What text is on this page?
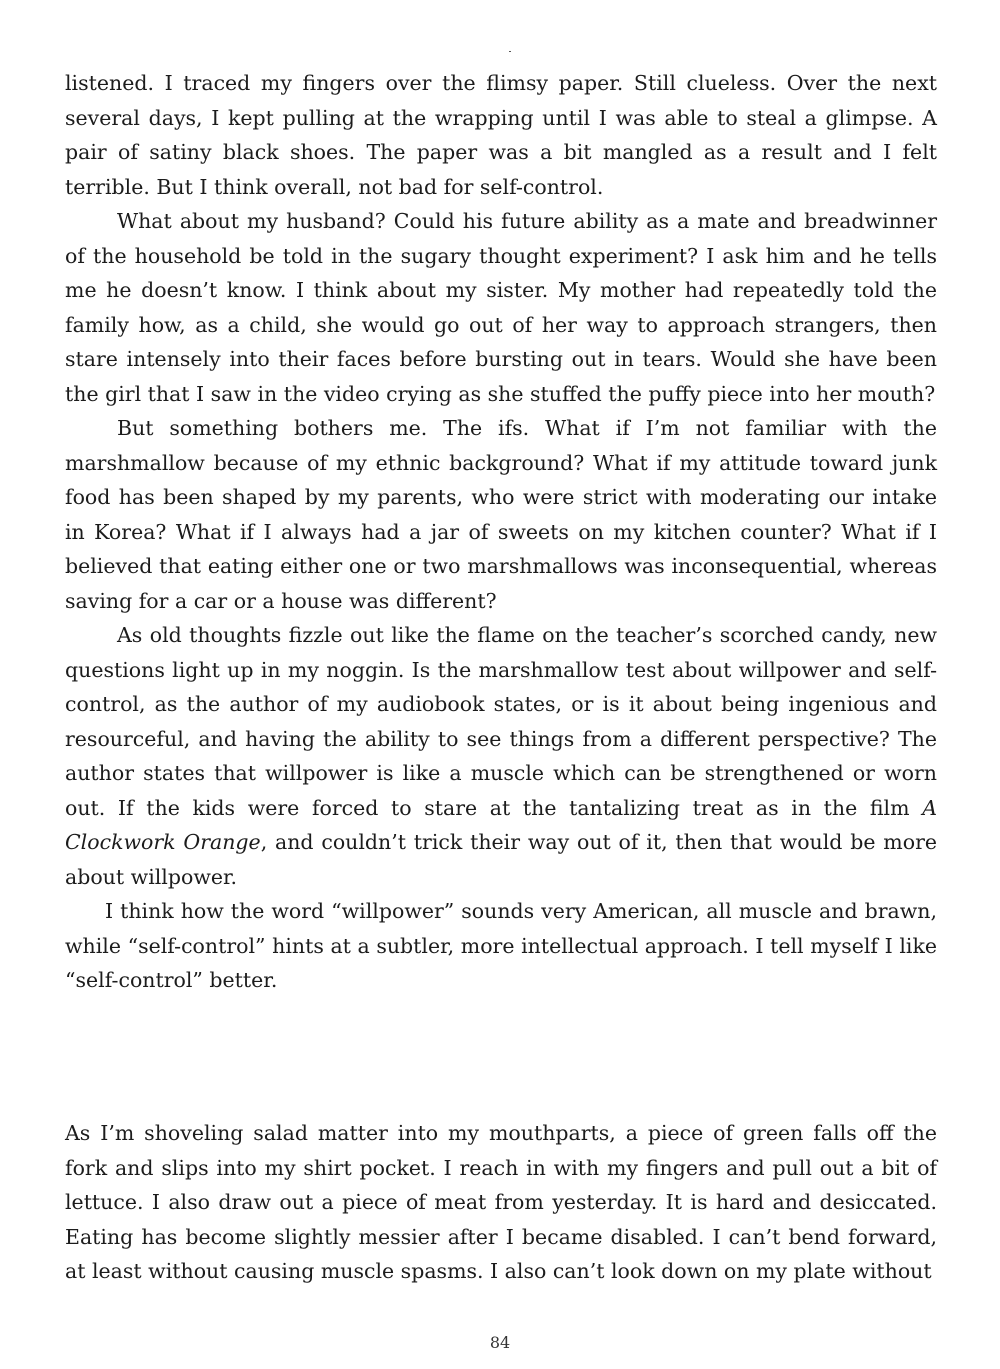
listened. I traced my fingers over the flimsy paper. Still clueless. Over the next several days, I kept pulling at the wrapping until I was able to steal a glimpse. A pair of satiny black shoes. The paper was a bit mangled as a result and I felt terrible. But I think overall, not bad for self-control.

What about my husband? Could his future ability as a mate and breadwinner of the household be told in the sugary thought experiment? I ask him and he tells me he doesn’t know. I think about my sister. My mother had repeatedly told the family how, as a child, she would go out of her way to approach strangers, then stare intensely into their faces before bursting out in tears. Would she have been the girl that I saw in the video crying as she stuffed the puffy piece into her mouth?

But something bothers me. The ifs. What if I’m not familiar with the marshmallow because of my ethnic background? What if my attitude toward junk food has been shaped by my parents, who were strict with moderating our intake in Korea? What if I always had a jar of sweets on my kitchen counter? What if I believed that eating either one or two marshmallows was inconsequential, whereas saving for a car or a house was different?

As old thoughts fizzle out like the flame on the teacher’s scorched candy, new questions light up in my noggin. Is the marshmallow test about willpower and self-control, as the author of my audiobook states, or is it about being ingenious and resourceful, and having the ability to see things from a different perspective? The author states that willpower is like a muscle which can be strengthened or worn out. If the kids were forced to stare at the tantalizing treat as in the film A Clockwork Orange, and couldn’t trick their way out of it, then that would be more about willpower.

I think how the word “willpower” sounds very American, all muscle and brawn, while “self-control” hints at a subtler, more intellectual approach. I tell myself I like “self-control” better.

As I’m shoveling salad matter into my mouthparts, a piece of green falls off the fork and slips into my shirt pocket. I reach in with my fingers and pull out a bit of lettuce. I also draw out a piece of meat from yesterday. It is hard and desiccated. Eating has become slightly messier after I became disabled. I can’t bend forward, at least without causing muscle spasms. I also can’t look down on my plate without

84
